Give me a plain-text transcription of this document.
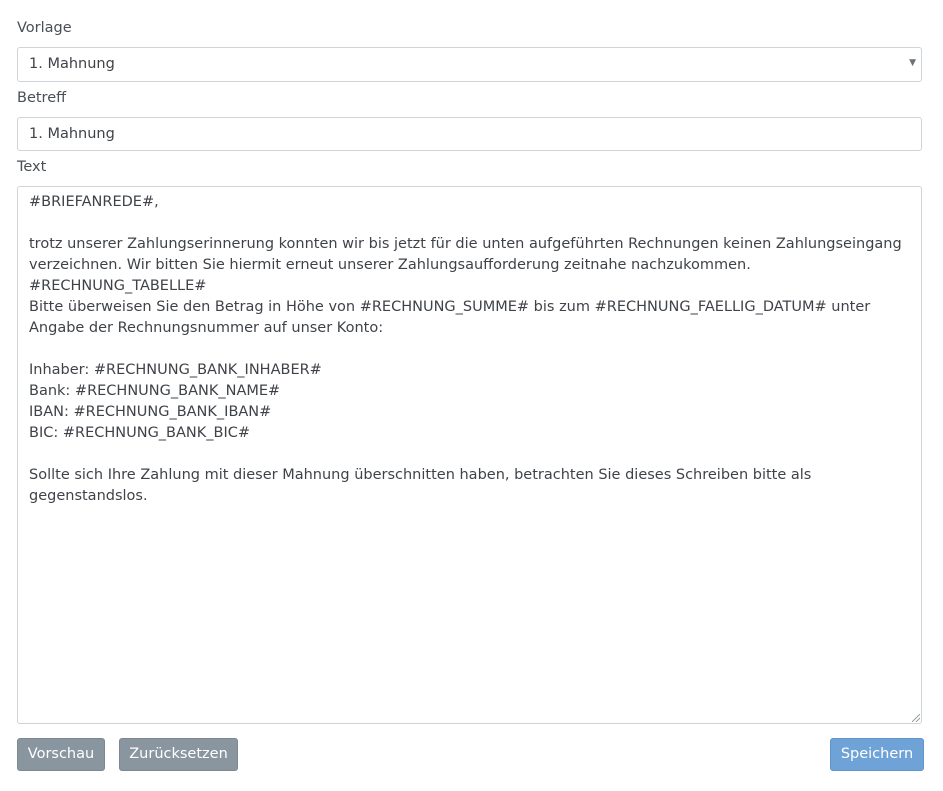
Vorlage
1. Mahnung	▼
Betreff
1. Mahnung
Text
#BRIEFANREDE#,

trotz unserer Zahlungserinnerung konnten wir bis jetzt für die unten aufgeführten Rechnungen keinen Zahlungseingang verzeichnen. Wir bitten Sie hiermit erneut unserer Zahlungsaufforderung zeitnahe nachzukommen.
#RECHNUNG_TABELLE#
Bitte überweisen Sie den Betrag in Höhe von #RECHNUNG_SUMME# bis zum #RECHNUNG_FAELLIG_DATUM# unter Angabe der Rechnungsnummer auf unser Konto:

Inhaber: #RECHNUNG_BANK_INHABER#
Bank: #RECHNUNG_BANK_NAME#
IBAN: #RECHNUNG_BANK_IBAN#
BIC: #RECHNUNG_BANK_BIC#

Sollte sich Ihre Zahlung mit dieser Mahnung überschnitten haben, betrachten Sie dieses Schreiben bitte als gegenstandslos.
Vorschau	Zurücksetzen	Speichern
